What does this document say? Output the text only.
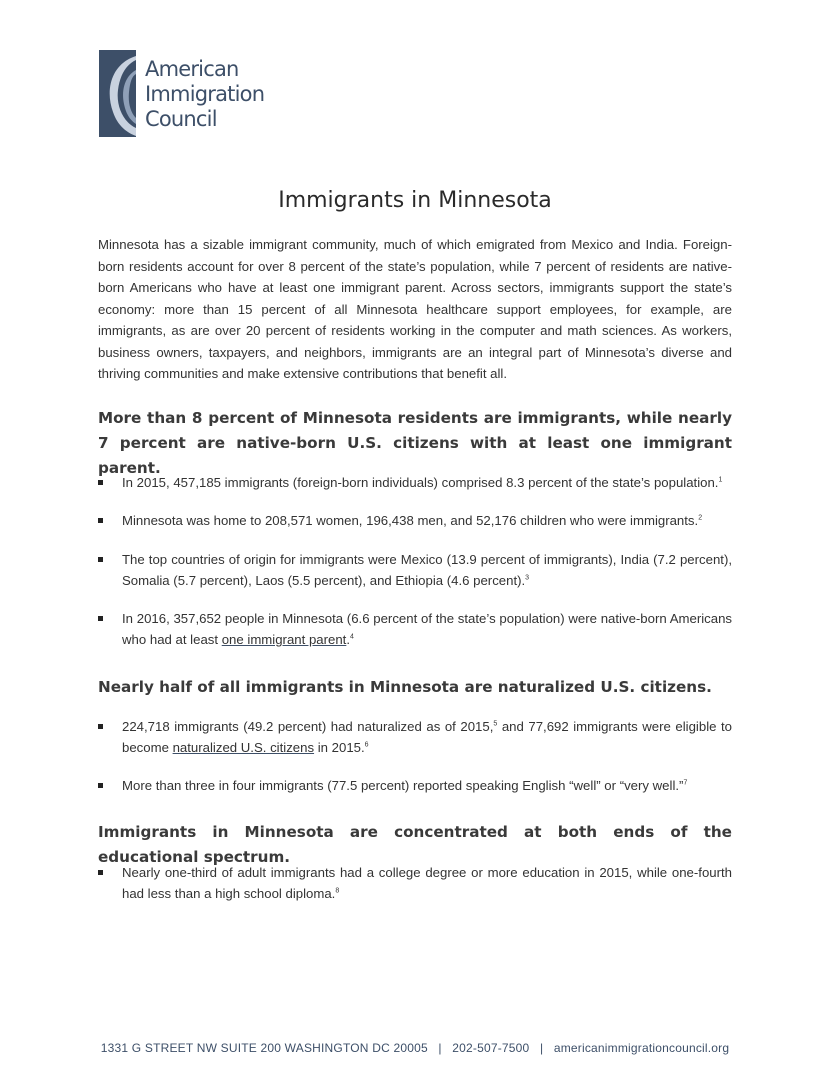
American
Immigration
Council
Immigrants in Minnesota

Minnesota has a sizable immigrant community, much of which emigrated from Mexico and India. Foreign-born residents account for over 8 percent of the state’s population, while 7 percent of residents are native-born Americans who have at least one immigrant parent. Across sectors, immigrants support the state’s economy: more than 15 percent of all Minnesota healthcare support employees, for example, are immigrants, as are over 20 percent of residents working in the computer and math sciences. As workers, business owners, taxpayers, and neighbors, immigrants are an integral part of Minnesota’s diverse and thriving communities and make extensive contributions that benefit all.

More than 8 percent of Minnesota residents are immigrants, while nearly 7 percent are native-born U.S. citizens with at least one immigrant parent.

In 2015, 457,185 immigrants (foreign-born individuals) comprised 8.3 percent of the state’s population.$^1$

Minnesota was home to 208,571 women, 196,438 men, and 52,176 children who were immigrants.$^2$

The top countries of origin for immigrants were Mexico (13.9 percent of immigrants), India (7.2 percent), Somalia (5.7 percent), Laos (5.5 percent), and Ethiopia (4.6 percent).$^3$

In 2016, 357,652 people in Minnesota (6.6 percent of the state’s population) were native-born Americans who had at least one immigrant parent.$^4$

Nearly half of all immigrants in Minnesota are naturalized U.S. citizens.

224,718 immigrants (49.2 percent) had naturalized as of 2015,$^5$ and 77,692 immigrants were eligible to become naturalized U.S. citizens in 2015.$^6$

More than three in four immigrants (77.5 percent) reported speaking English “well” or “very well.”$^7$

Immigrants in Minnesota are concentrated at both ends of the educational spectrum.

Nearly one-third of adult immigrants had a college degree or more education in 2015, while one-fourth had less than a high school diploma.$^8$

1331 G STREET NW SUITE 200 WASHINGTON DC 20005 | 202-507-7500 | americanimmigrationcouncil.org
